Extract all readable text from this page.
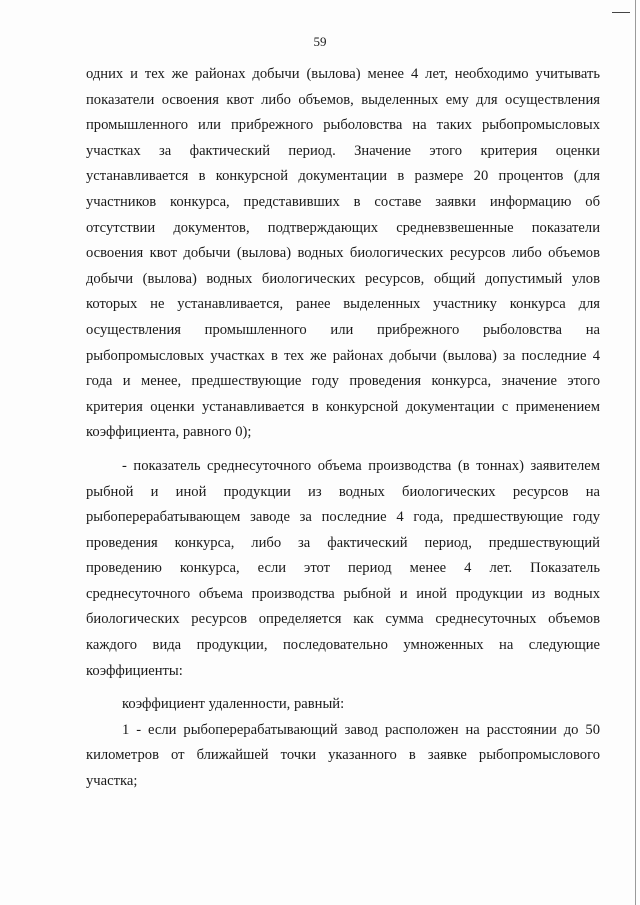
59

одних и тех же районах добычи (вылова) менее 4 лет, необходимо учитывать

показатели освоения квот либо объемов, выделенных ему для осуществления

промышленного или прибрежного рыболовства на таких рыбопромысловых

участках за фактический период. Значение этого критерия оценки

устанавливается в конкурсной документации в размере 20 процентов (для

участников конкурса, представивших в составе заявки информацию об

отсутствии документов, подтверждающих средневзвешенные показатели

освоения квот добычи (вылова) водных биологических ресурсов либо объемов

добычи (вылова) водных биологических ресурсов, общий допустимый улов

которых не устанавливается, ранее выделенных участнику конкурса для

осуществления промышленного или прибрежного рыболовства на

рыбопромысловых участках в тех же районах добычи (вылова) за последние 4

года и менее, предшествующие году проведения конкурса, значение этого

критерия оценки устанавливается в конкурсной документации с применением

коэффициента, равного 0);

- показатель среднесуточного объема производства (в тоннах) заявителем

рыбной и иной продукции из водных биологических ресурсов на

рыбоперерабатывающем заводе за последние 4 года, предшествующие году

проведения конкурса, либо за фактический период, предшествующий

проведению конкурса, если этот период менее 4 лет. Показатель

среднесуточного объема производства рыбной и иной продукции из водных

биологических ресурсов определяется как сумма среднесуточных объемов

каждого вида продукции, последовательно умноженных на следующие

коэффициенты:

коэффициент удаленности, равный:

1 - если рыбоперерабатывающий завод расположен на расстоянии до 50

километров от ближайшей точки указанного в заявке рыбопромыслового

участка;
